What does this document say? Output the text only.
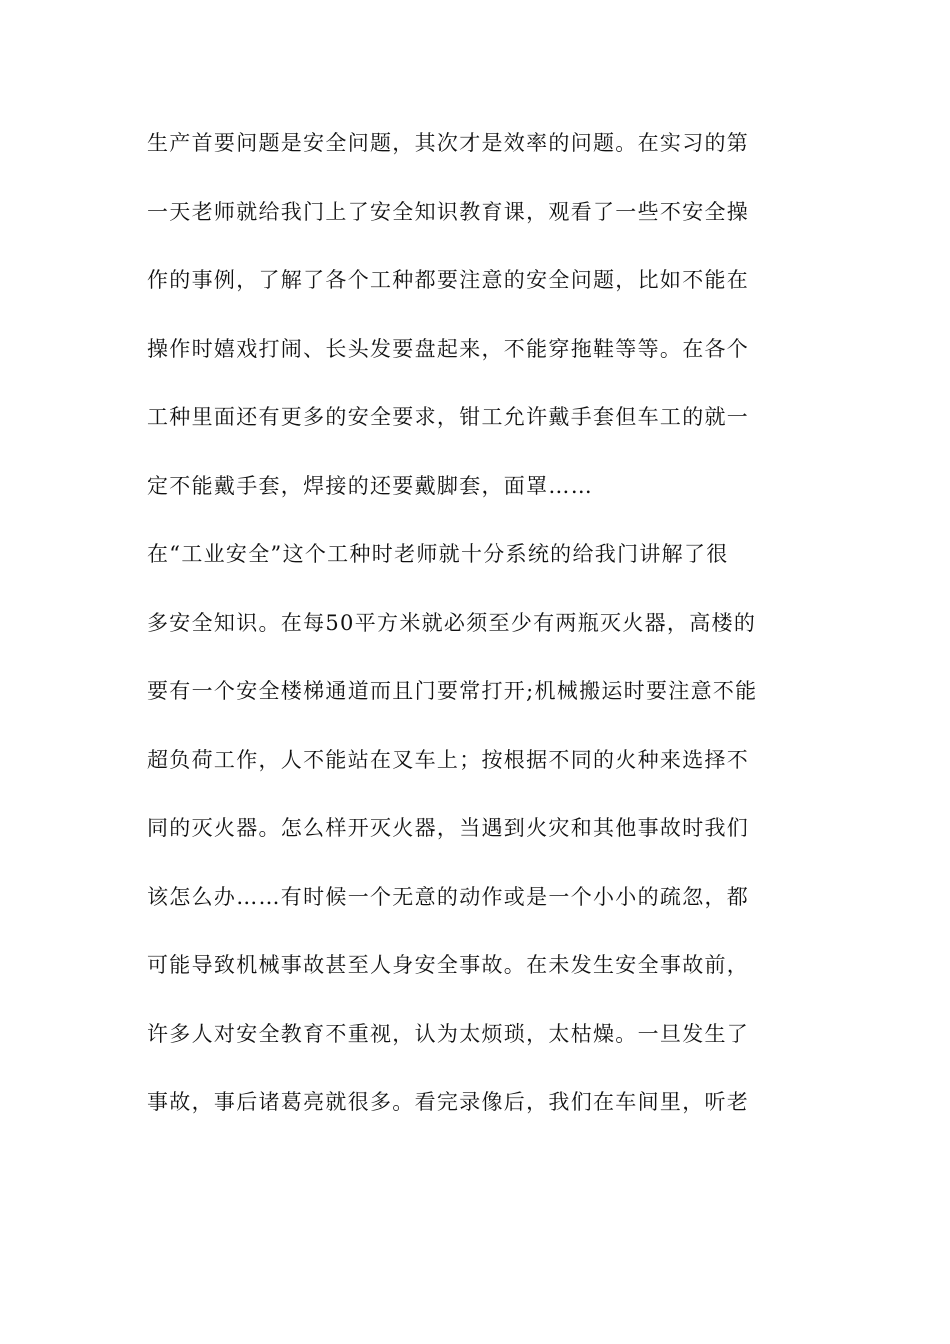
生产首要问题是安全问题，其次才是效率的问题。在实习的第
一天老师就给我门上了安全知识教育课，观看了一些不安全操
作的事例，了解了各个工种都要注意的安全问题，比如不能在
操作时嬉戏打闹、长头发要盘起来，不能穿拖鞋等等。在各个
工种里面还有更多的安全要求，钳工允许戴手套但车工的就一
定不能戴手套，焊接的还要戴脚套，面罩……
在“工业安全”这个工种时老师就十分系统的给我门讲解了很
多安全知识。在每50平方米就必须至少有两瓶灭火器，高楼的
要有一个安全楼梯通道而且门要常打开;机械搬运时要注意不能
超负荷工作，人不能站在叉车上；按根据不同的火种来选择不
同的灭火器。怎么样开灭火器，当遇到火灾和其他事故时我们
该怎么办……有时候一个无意的动作或是一个小小的疏忽，都
可能导致机械事故甚至人身安全事故。在未发生安全事故前，
许多人对安全教育不重视，认为太烦琐，太枯燥。一旦发生了
事故，事后诸葛亮就很多。看完录像后，我们在车间里，听老
